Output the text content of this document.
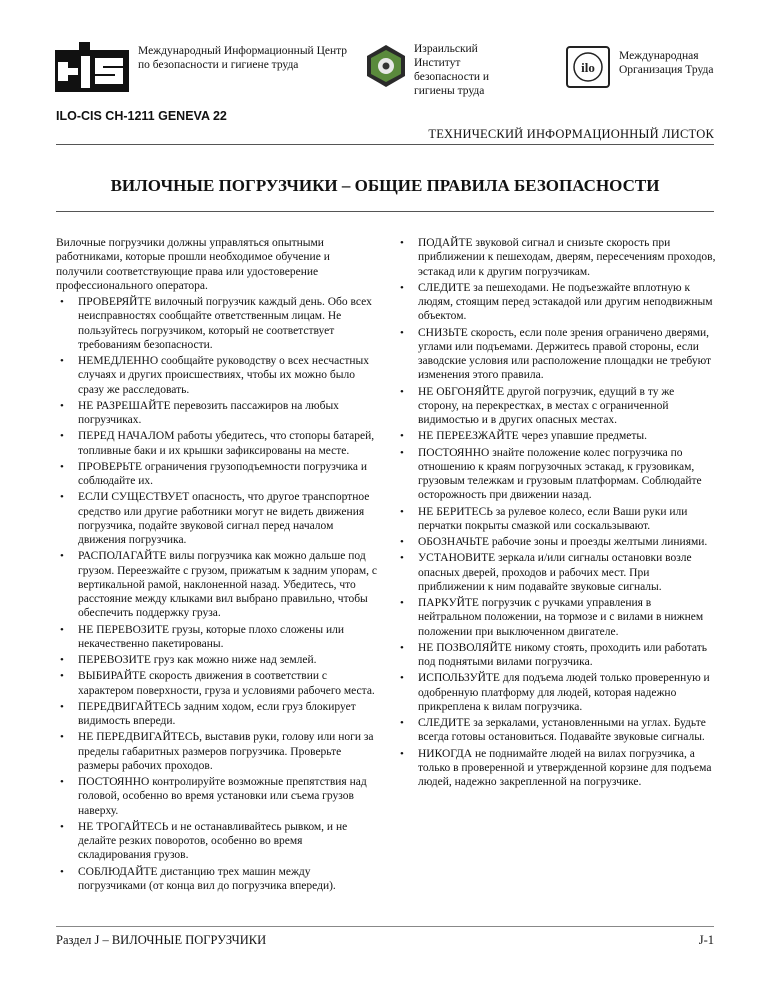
Международный Информационный Центр по безопасности и гигиене труда
Израильский Институт безопасности и гигиены труда
ilo
Международная Организация Труда
ILO-CIS CH-1211 GENEVA 22
ТЕХНИЧЕСКИЙ ИНФОРМАЦИОННЫЙ ЛИСТОК
ВИЛОЧНЫЕ ПОГРУЗЧИКИ – ОБЩИЕ ПРАВИЛА БЕЗОПАСНОСТИ

Вилочные погрузчики должны управляться опытными работниками, которые прошли необходимое обучение и получили соответствующие права или удостоверение профессионального оператора.

• ПРОВЕРЯЙТЕ вилочный погрузчик каждый день. Обо всех неисправностях сообщайте ответственным лицам. Не пользуйтесь погрузчиком, который не соответствует требованиям безопасности.
• НЕМЕДЛЕННО сообщайте руководству о всех несчастных случаях и других происшествиях, чтобы их можно было сразу же расследовать.
• НЕ РАЗРЕШАЙТЕ перевозить пассажиров на любых погрузчиках.
• ПЕРЕД НАЧАЛОМ работы убедитесь, что стопоры батарей, топливные баки и их крышки зафиксированы на месте.
• ПРОВЕРЬТЕ ограничения грузоподъемности погрузчика и соблюдайте их.
• ЕСЛИ СУЩЕСТВУЕТ опасность, что другое транспортное средство или другие работники могут не видеть движения погрузчика, подайте звуковой сигнал перед началом движения погрузчика.
• РАСПОЛАГАЙТЕ вилы погрузчика как можно дальше под грузом. Переезжайте с грузом, прижатым к задним упорам, с вертикальной рамой, наклоненной назад. Убедитесь, что расстояние между клыками вил выбрано правильно, чтобы обеспечить поддержку груза.
• НЕ ПЕРЕВОЗИТЕ грузы, которые плохо сложены или некачественно пакетированы.
• ПЕРЕВОЗИТЕ груз как можно ниже над землей.
• ВЫБИРАЙТЕ скорость движения в соответствии с характером поверхности, груза и условиями рабочего места.
• ПЕРЕДВИГАЙТЕСЬ задним ходом, если груз блокирует видимость впереди.
• НЕ ПЕРЕДВИГАЙТЕСЬ, выставив руки, голову или ноги за пределы габаритных размеров погрузчика. Проверьте размеры рабочих проходов.
• ПОСТОЯННО контролируйте возможные препятствия над головой, особенно во время установки или съема грузов наверху.
• НЕ ТРОГАЙТЕСЬ и не останавливайтесь рывком, и не делайте резких поворотов, особенно во время складирования грузов.
• СОБЛЮДАЙТЕ дистанцию трех машин между погрузчиками (от конца вил до погрузчика впереди).
• ПОДАЙТЕ звуковой сигнал и снизьте скорость при приближении к пешеходам, дверям, пересечениям проходов, эстакад или к другим погрузчикам.
• СЛЕДИТЕ за пешеходами. Не подъезжайте вплотную к людям, стоящим перед эстакадой или другим неподвижным объектом.
• СНИЗЬТЕ скорость, если поле зрения ограничено дверями, углами или подъемами. Держитесь правой стороны, если заводские условия или расположение площадки не требуют изменения этого правила.
• НЕ ОБГОНЯЙТЕ другой погрузчик, едущий в ту же сторону, на перекрестках, в местах с ограниченной видимостью и в других опасных местах.
• НЕ ПЕРЕЕЗЖАЙТЕ через упавшие предметы.
• ПОСТОЯННО знайте положение колес погрузчика по отношению к краям погрузочных эстакад, к грузовикам, грузовым тележкам и грузовым платформам. Соблюдайте осторожность при движении назад.
• НЕ БЕРИТЕСЬ за рулевое колесо, если Ваши руки или перчатки покрыты смазкой или соскальзывают.
• ОБОЗНАЧЬТЕ рабочие зоны и проезды желтыми линиями.
• УСТАНОВИТЕ зеркала и/или сигналы остановки возле опасных дверей, проходов и рабочих мест. При приближении к ним подавайте звуковые сигналы.
• ПАРКУЙТЕ погрузчик с ручками управления в нейтральном положении, на тормозе и с вилами в нижнем положении при выключенном двигателе.
• НЕ ПОЗВОЛЯЙТЕ никому стоять, проходить или работать под поднятыми вилами погрузчика.
• ИСПОЛЬЗУЙТЕ для подъема людей только проверенную и одобренную платформу для людей, которая надежно прикреплена к вилам погрузчика.
• СЛЕДИТЕ за зеркалами, установленными на углах. Будьте всегда готовы остановиться. Подавайте звуковые сигналы.
• НИКОГДА не поднимайте людей на вилах погрузчика, а только в проверенной и утвержденной корзине для подъема людей, надежно закрепленной на погрузчике.
Раздел J – ВИЛОЧНЫЕ ПОГРУЗЧИКИ	J-1
